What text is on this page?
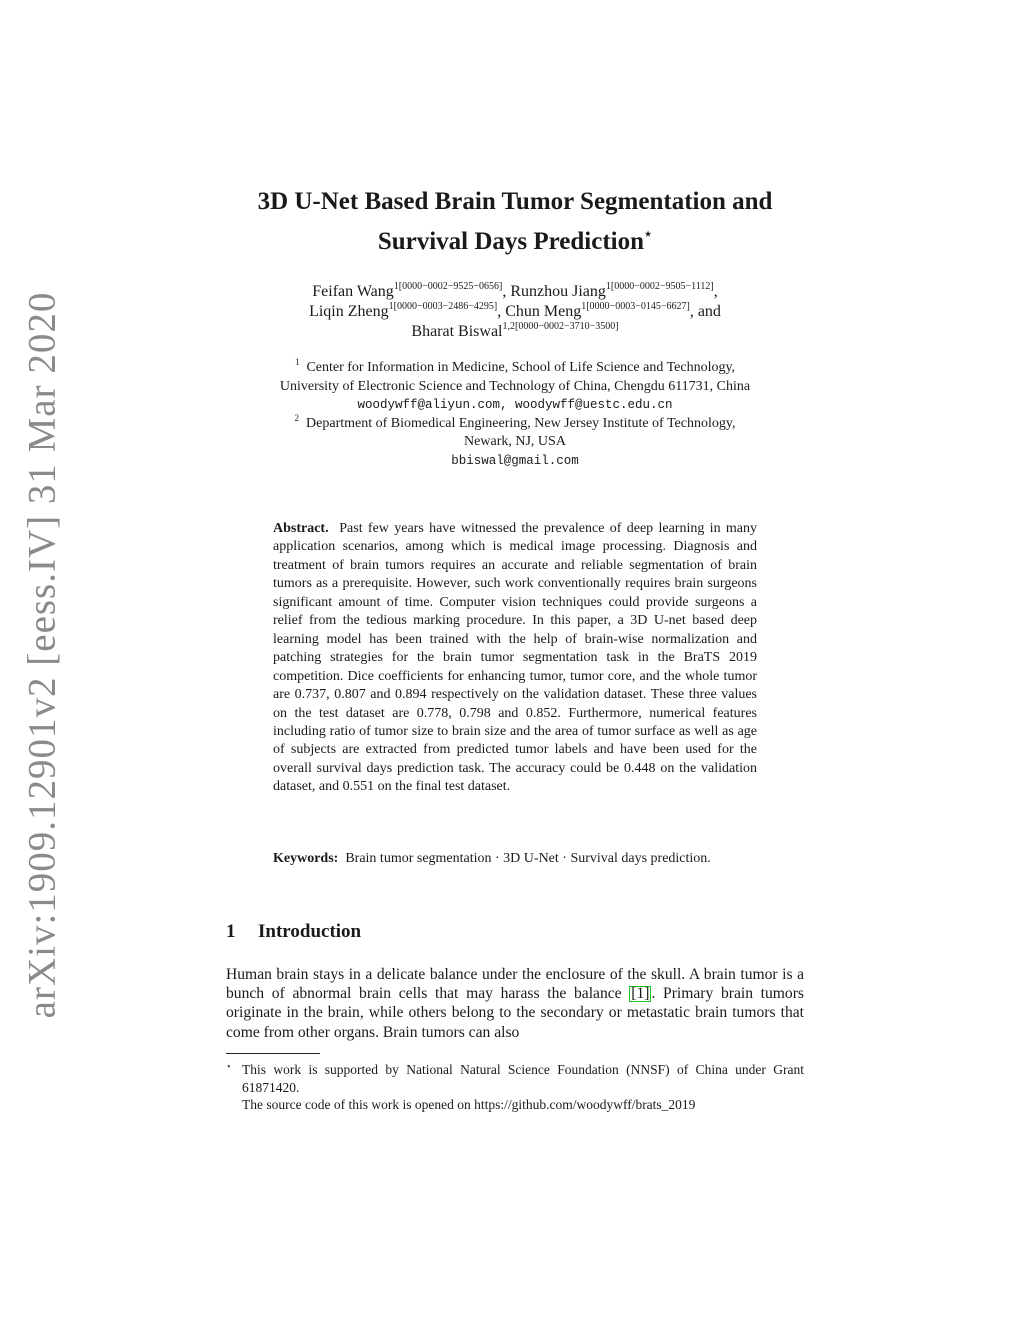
arXiv:1909.12901v2 [eess.IV] 31 Mar 2020
3D U-Net Based Brain Tumor Segmentation and
Survival Days Prediction⋆
Feifan Wang$^{1[0000-0002-9525-0656]}$, Runzhou Jiang$^{1[0000-0002-9505-1112]}$,
Liqin Zheng$^{1[0000-0003-2486-4295]}$, Chun Meng$^{1[0000-0003-0145-6627]}$, and
Bharat Biswal$^{1,2[0000-0002-3710-3500]}$
$^1$ Center for Information in Medicine, School of Life Science and Technology,
University of Electronic Science and Technology of China, Chengdu 611731, China
woodywff@aliyun.com, woodywff@uestc.edu.cn
$^2$ Department of Biomedical Engineering, New Jersey Institute of Technology,
Newark, NJ, USA
bbiswal@gmail.com
Abstract. Past few years have witnessed the prevalence of deep learning in many application scenarios, among which is medical image processing. Diagnosis and treatment of brain tumors requires an accurate and reliable segmentation of brain tumors as a prerequisite. However, such work conventionally requires brain surgeons significant amount of time. Computer vision techniques could provide surgeons a relief from the tedious marking procedure. In this paper, a 3D U-net based deep learning model has been trained with the help of brain-wise normalization and patching strategies for the brain tumor segmentation task in the BraTS 2019 competition. Dice coefficients for enhancing tumor, tumor core, and the whole tumor are 0.737, 0.807 and 0.894 respectively on the validation dataset. These three values on the test dataset are 0.778, 0.798 and 0.852. Furthermore, numerical features including ratio of tumor size to brain size and the area of tumor surface as well as age of subjects are extracted from predicted tumor labels and have been used for the overall survival days prediction task. The accuracy could be 0.448 on the validation dataset, and 0.551 on the final test dataset.
Keywords: Brain tumor segmentation · 3D U-Net · Survival days prediction.
1 Introduction
Human brain stays in a delicate balance under the enclosure of the skull. A brain tumor is a bunch of abnormal brain cells that may harass the balance [1] . Primary brain tumors originate in the brain, while others belong to the secondary or metastatic brain tumors that come from other organs. Brain tumors can also
⋆ This work is supported by National Natural Science Foundation (NNSF) of China under Grant 61871420.
The source code of this work is opened on https://github.com/woodywff/brats_2019
